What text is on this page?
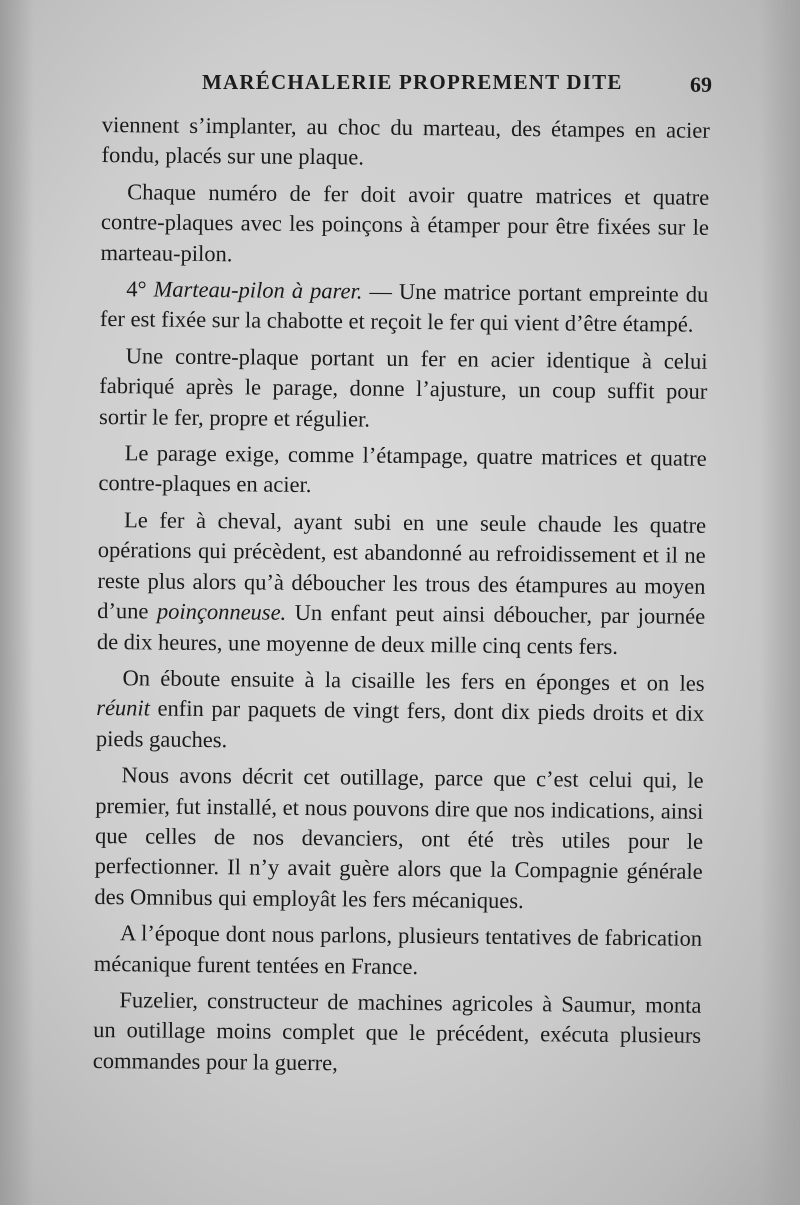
MARÉCHALERIE PROPREMENT DITE	69

viennent s’implanter, au choc du marteau, des étampes en acier fondu, placés sur une plaque.

Chaque numéro de fer doit avoir quatre matrices et quatre contre-plaques avec les poinçons à étamper pour être fixées sur le marteau-pilon.

4° Marteau-pilon à parer. — Une matrice portant empreinte du fer est fixée sur la chabotte et reçoit le fer qui vient d’être étampé.

Une contre-plaque portant un fer en acier identique à celui fabriqué après le parage, donne l’ajusture, un coup suffit pour sortir le fer, propre et régulier.

Le parage exige, comme l’étampage, quatre matrices et quatre contre-plaques en acier.

Le fer à cheval, ayant subi en une seule chaude les quatre opérations qui précèdent, est abandonné au refroidissement et il ne reste plus alors qu’à déboucher les trous des étampures au moyen d’une poinçonneuse. Un enfant peut ainsi déboucher, par journée de dix heures, une moyenne de deux mille cinq cents fers.

On éboute ensuite à la cisaille les fers en éponges et on les réunit enfin par paquets de vingt fers, dont dix pieds droits et dix pieds gauches.

Nous avons décrit cet outillage, parce que c’est celui qui, le premier, fut installé, et nous pouvons dire que nos indications, ainsi que celles de nos devanciers, ont été très utiles pour le perfectionner. Il n’y avait guère alors que la Compagnie générale des Omnibus qui employât les fers mécaniques.

A l’époque dont nous parlons, plusieurs tentatives de fabrication mécanique furent tentées en France.

Fuzelier, constructeur de machines agricoles à Saumur, monta un outillage moins complet que le précédent, exécuta plusieurs commandes pour la guerre,
